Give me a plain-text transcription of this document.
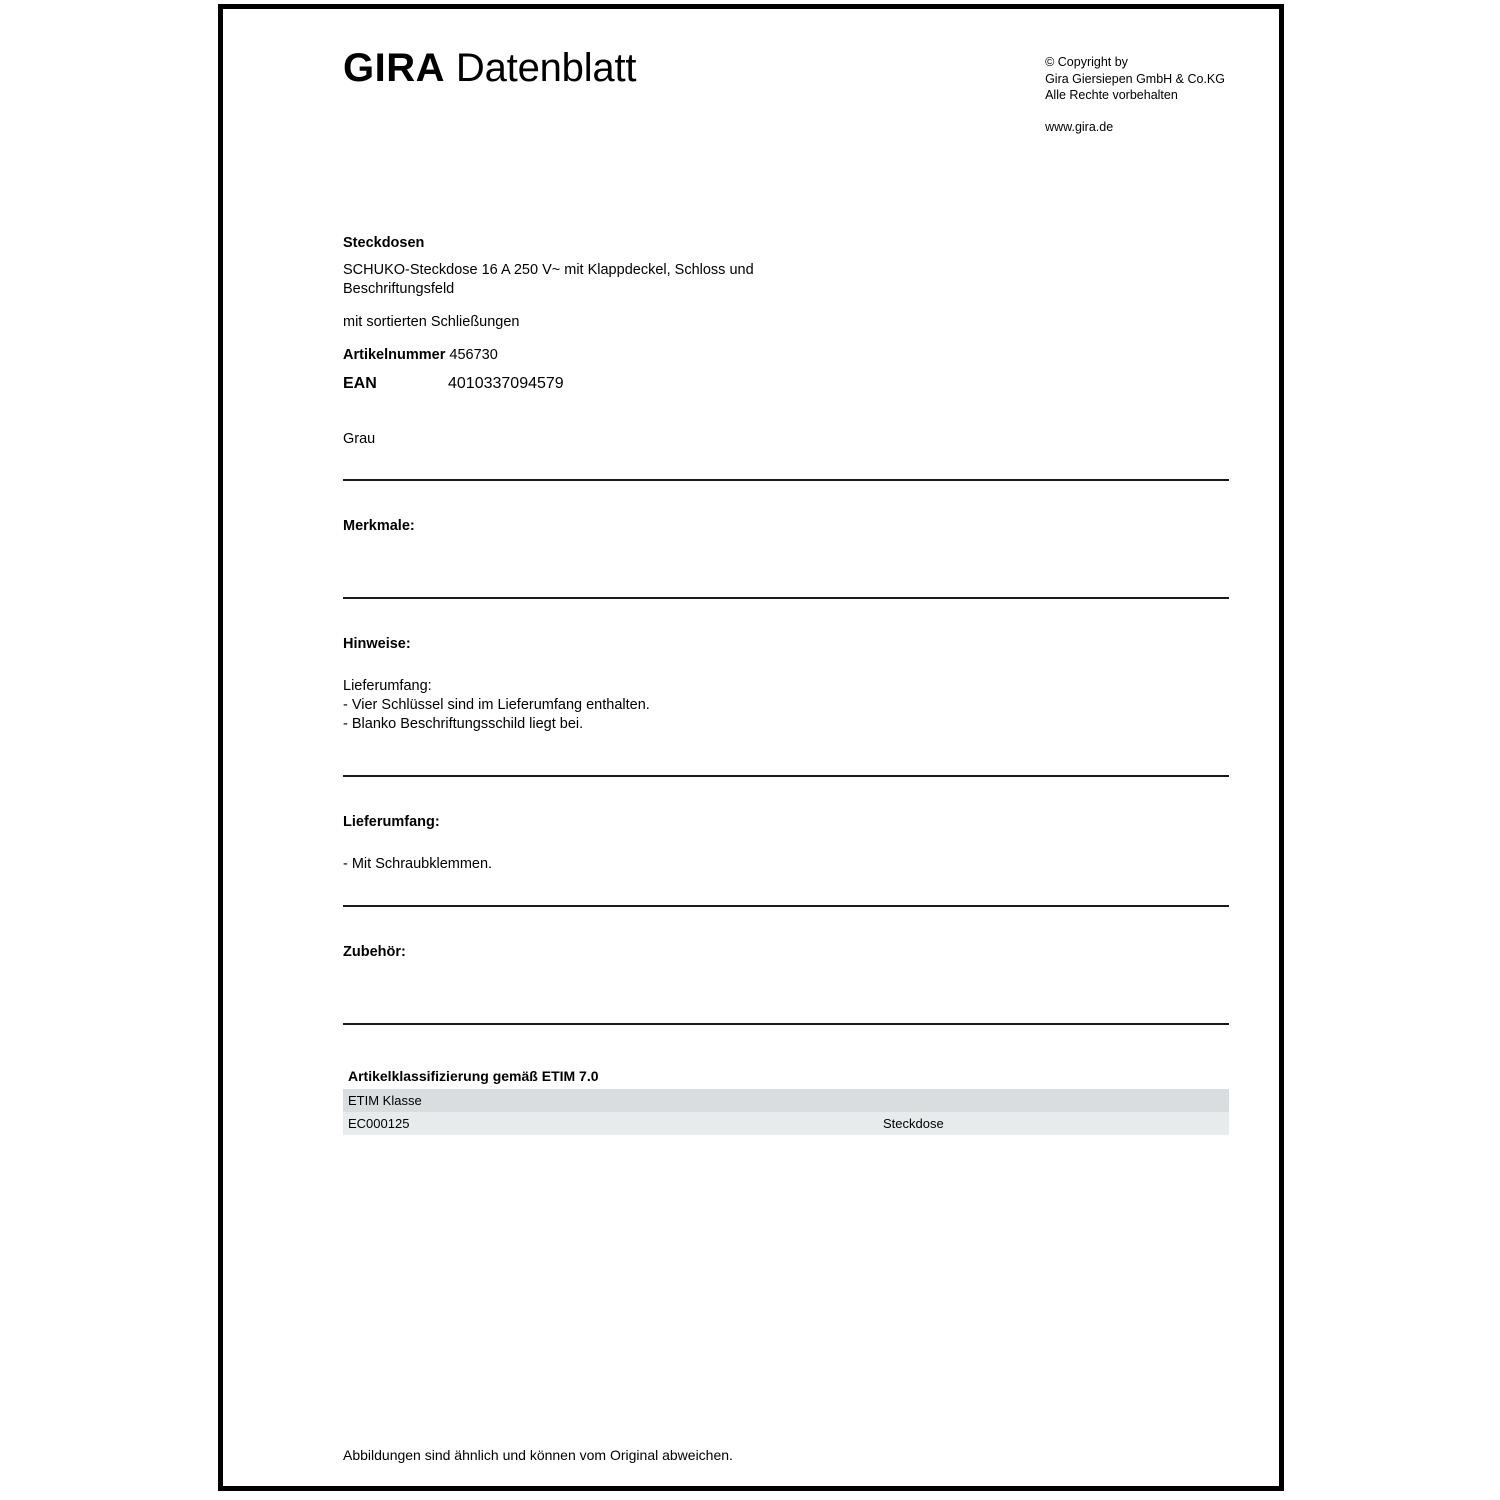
GIRA Datenblatt	© Copyright by
Gira Giersiepen GmbH & Co.KG
Alle Rechte vorbehalten
www.gira.de

Steckdosen

SCHUKO-Steckdose 16 A 250 V~ mit Klappdeckel, Schloss und Beschriftungsfeld

mit sortierten Schließungen

Artikelnummer 456730

EAN	4010337094579

Grau

Merkmale:

Hinweise:

Lieferumfang:

- Vier Schlüssel sind im Lieferumfang enthalten.

- Blanko Beschriftungsschild liegt bei.

Lieferumfang:

- Mit Schraubklemmen.

Zubehör:

Artikelklassifizierung gemäß ETIM 7.0
ETIM Klasse	
EC000125	Steckdose
Abbildungen sind ähnlich und können vom Original abweichen.
